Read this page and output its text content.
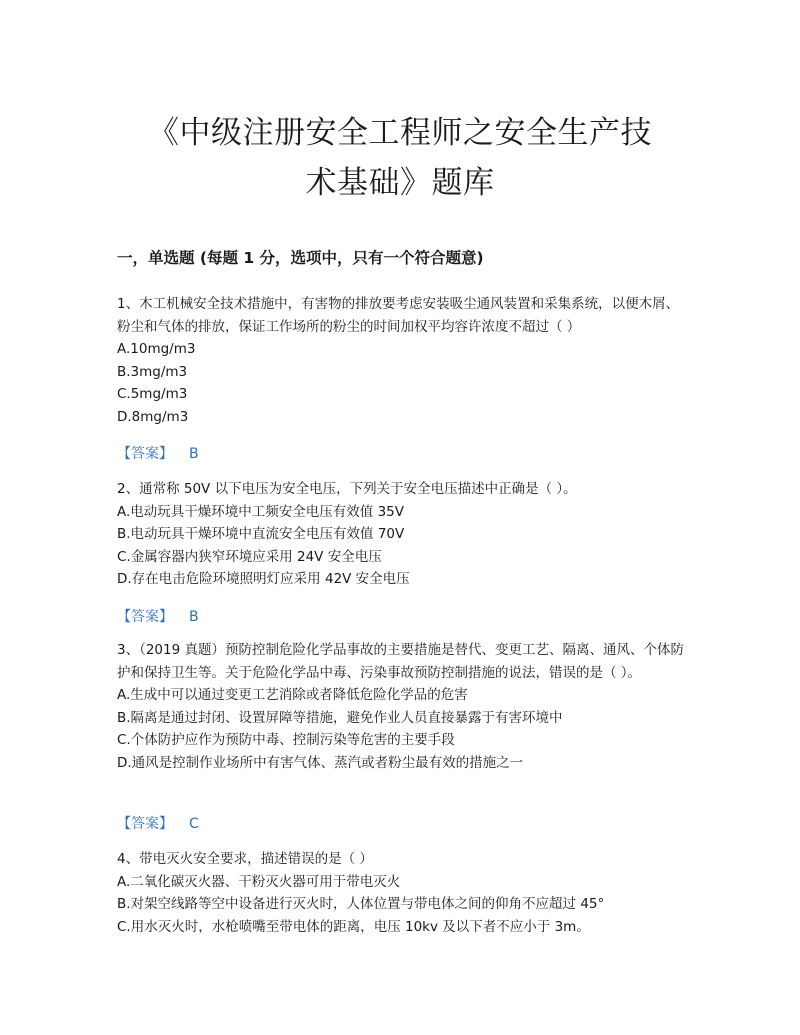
《中级注册安全工程师之安全生产技
术基础》题库
一，单选题 (每题 1 分，选项中，只有一个符合题意)

1、木工机械安全技术措施中，有害物的排放要考虑安装吸尘通风装置和采集系统，以便木屑、粉尘和气体的排放，保证工作场所的粉尘的时间加权平均容许浓度不超过（ ）

A.10mg/m3

B.3mg/m3

C.5mg/m3

D.8mg/m3

【答案】 B

2、通常称 50V 以下电压为安全电压，下列关于安全电压描述中正确是（ ）。

A.电动玩具干燥环境中工频安全电压有效值 35V

B.电动玩具干燥环境中直流安全电压有效值 70V

C.金属容器内狭窄环境应采用 24V 安全电压

D.存在电击危险环境照明灯应采用 42V 安全电压

【答案】 B

3、（2019 真题）预防控制危险化学品事故的主要措施是替代、变更工艺、隔离、通风、个体防护和保持卫生等。关于危险化学品中毒、污染事故预防控制措施的说法，错误的是（ ）。

A.生成中可以通过变更工艺消除或者降低危险化学品的危害

B.隔离是通过封闭、设置屏障等措施，避免作业人员直接暴露于有害环境中

C.个体防护应作为预防中毒、控制污染等危害的主要手段

D.通风是控制作业场所中有害气体、蒸汽或者粉尘最有效的措施之一

【答案】 C

4、带电灭火安全要求，描述错误的是（ ）

A.二氧化碳灭火器、干粉灭火器可用于带电灭火

B.对架空线路等空中设备进行灭火时，人体位置与带电体之间的仰角不应超过 45°

C.用水灭火时，水枪喷嘴至带电体的距离，电压 10kv 及以下者不应小于 3m。
